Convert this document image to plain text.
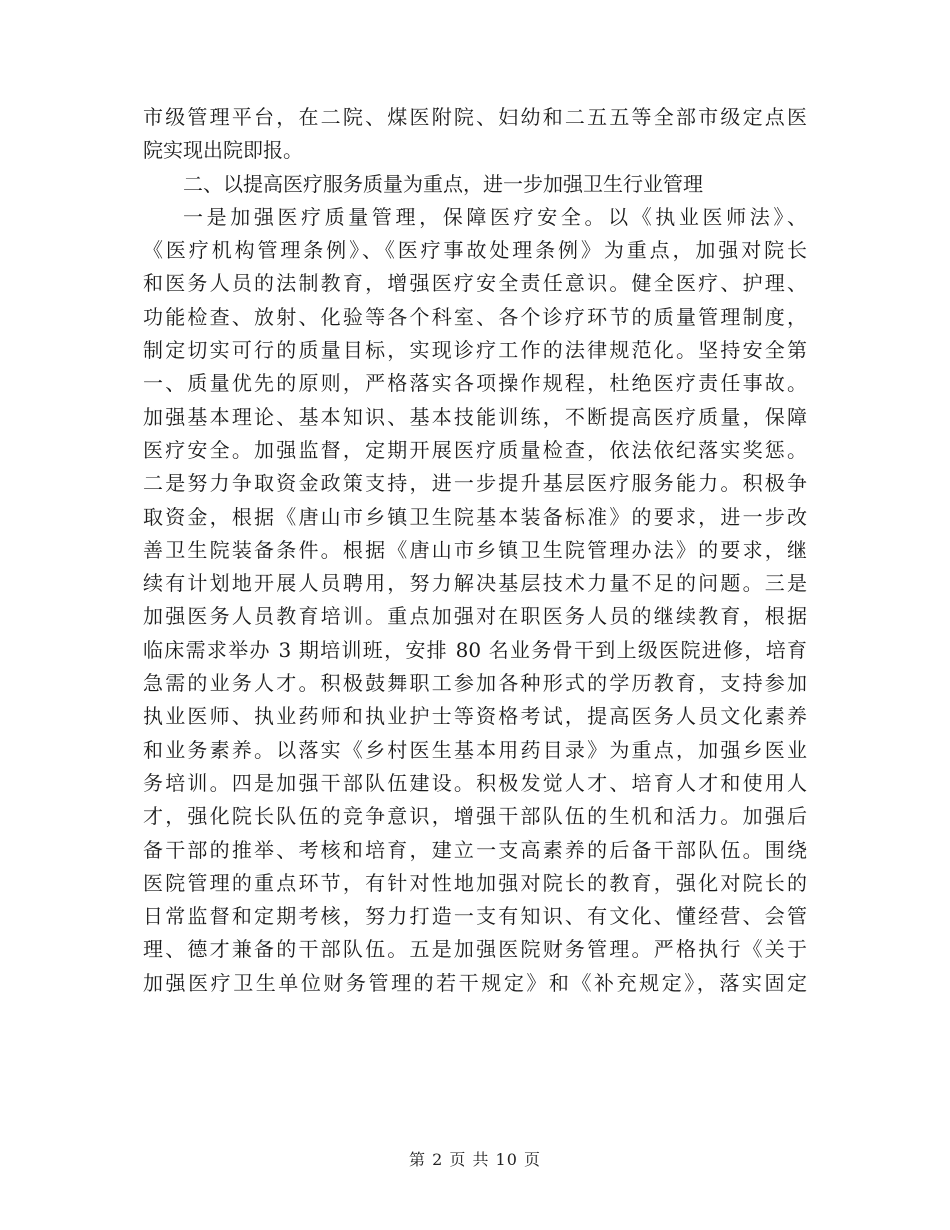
市级管理平台，在二院、煤医附院、妇幼和二五五等全部市级定点医
院实现出院即报。
二、以提高医疗服务质量为重点，进一步加强卫生行业管理
一是加强医疗质量管理，保障医疗安全。以《执业医师法》、
《医疗机构管理条例》、《医疗事故处理条例》为重点，加强对院长
和医务人员的法制教育，增强医疗安全责任意识。健全医疗、护理、
功能检查、放射、化验等各个科室、各个诊疗环节的质量管理制度，
制定切实可行的质量目标，实现诊疗工作的法律规范化。坚持安全第
一、质量优先的原则，严格落实各项操作规程，杜绝医疗责任事故。
加强基本理论、基本知识、基本技能训练，不断提高医疗质量，保障
医疗安全。加强监督，定期开展医疗质量检查，依法依纪落实奖惩。
二是努力争取资金政策支持，进一步提升基层医疗服务能力。积极争
取资金，根据《唐山市乡镇卫生院基本装备标准》的要求，进一步改
善卫生院装备条件。根据《唐山市乡镇卫生院管理办法》的要求，继
续有计划地开展人员聘用，努力解决基层技术力量不足的问题。三是
加强医务人员教育培训。重点加强对在职医务人员的继续教育，根据
临床需求举办 3 期培训班，安排 80 名业务骨干到上级医院进修，培育
急需的业务人才。积极鼓舞职工参加各种形式的学历教育，支持参加
执业医师、执业药师和执业护士等资格考试，提高医务人员文化素养
和业务素养。以落实《乡村医生基本用药目录》为重点，加强乡医业
务培训。四是加强干部队伍建设。积极发觉人才、培育人才和使用人
才，强化院长队伍的竞争意识，增强干部队伍的生机和活力。加强后
备干部的推举、考核和培育，建立一支高素养的后备干部队伍。围绕
医院管理的重点环节，有针对性地加强对院长的教育，强化对院长的
日常监督和定期考核，努力打造一支有知识、有文化、懂经营、会管
理、德才兼备的干部队伍。五是加强医院财务管理。严格执行《关于
加强医疗卫生单位财务管理的若干规定》和《补充规定》，落实固定
第 2 页 共 10 页
